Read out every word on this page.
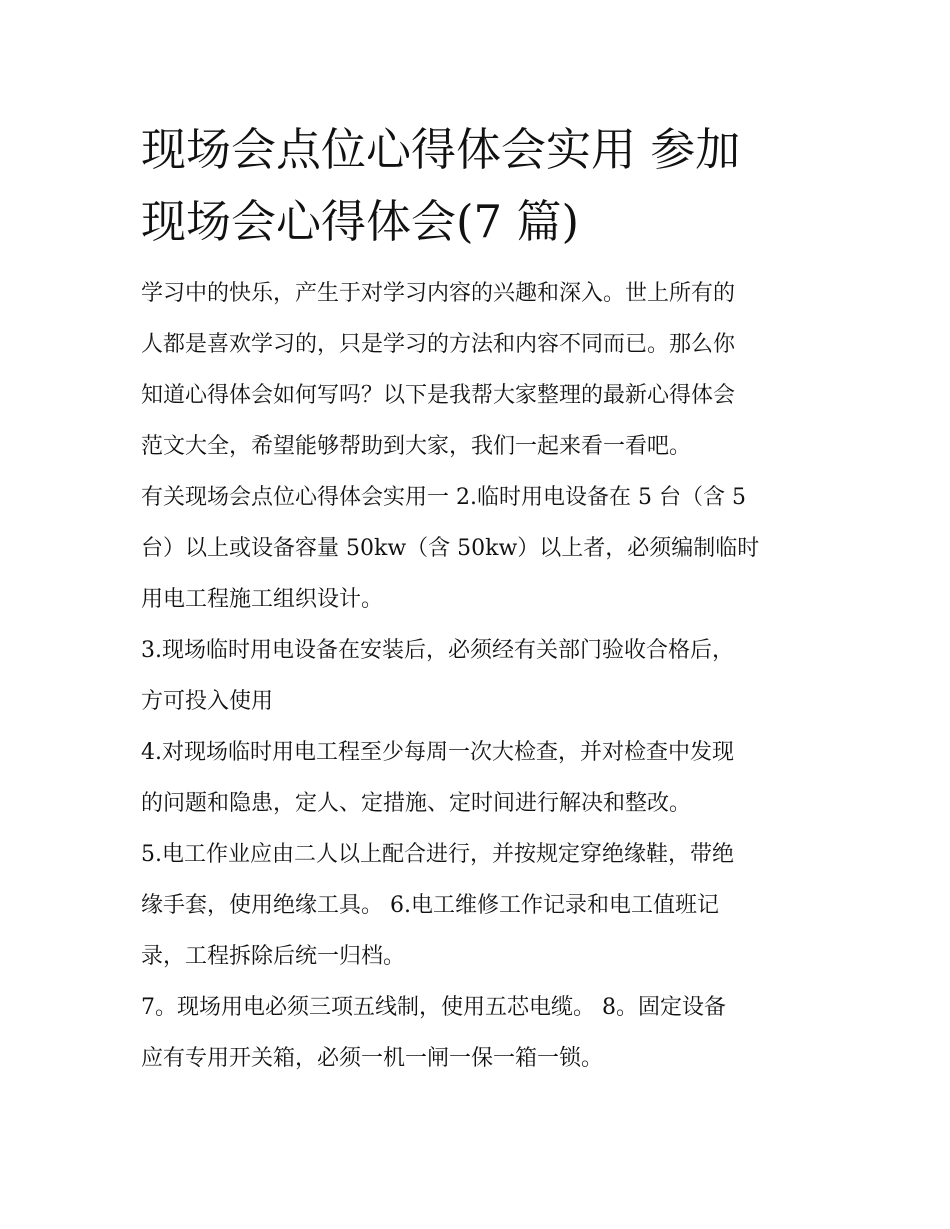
现场会点位心得体会实用 参加
现场会心得体会(7 篇)

学习中的快乐，产生于对学习内容的兴趣和深入。世上所有的
人都是喜欢学习的，只是学习的方法和内容不同而已。那么你
知道心得体会如何写吗？以下是我帮大家整理的最新心得体会
范文大全，希望能够帮助到大家，我们一起来看一看吧。

有关现场会点位心得体会实用一 2.临时用电设备在 5 台（含 5
台）以上或设备容量 50kw（含 50kw）以上者，必须编制临时
用电工程施工组织设计。

3.现场临时用电设备在安装后，必须经有关部门验收合格后，
方可投入使用

4.对现场临时用电工程至少每周一次大检查，并对检查中发现
的问题和隐患，定人、定措施、定时间进行解决和整改。

5.电工作业应由二人以上配合进行，并按规定穿绝缘鞋，带绝
缘手套，使用绝缘工具。 6.电工维修工作记录和电工值班记
录，工程拆除后统一归档。

7。现场用电必须三项五线制，使用五芯电缆。 8。固定设备
应有专用开关箱，必须一机一闸一保一箱一锁。
